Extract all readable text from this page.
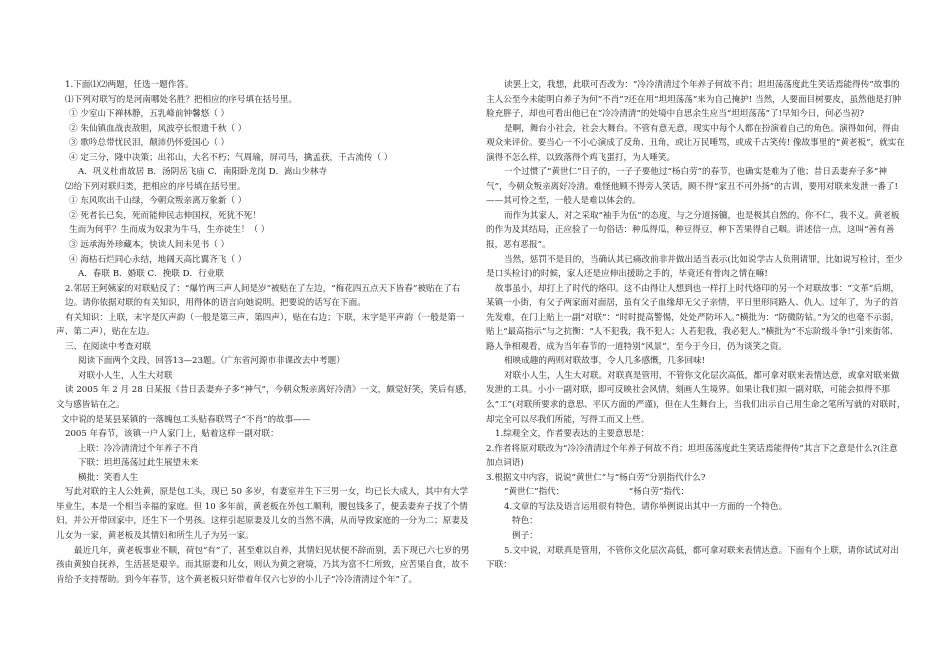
1.下面⑴⑵两题，任选一题作答。
⑴下列对联写的是河南哪处名胜？把相应的序号填在括号里。
① 少室山下禅林静，五乳峰前钟馨悠（ ）
② 朱仙镇血战丧敌胆，风波亭长恨遗千秋（ ）
③ 歌吟总带忧民泪，颠沛仍怀爱国心（ ）
④ 定三分，隆中决策；出祁山，大名不朽；气周瑜，屏司马，擒孟获，千古流传（ ）
A．巩义杜甫故居 B．汤阴岳飞庙 C．南阳卧龙岗 D．嵩山少林寺
⑵给下列对联归类，把相应的序号填在括号里。
① 东风吹出千山绿，今朝众叛亲离万象新（ ）
② 死者长已矣，死而能伸民志伸国权，死犹不死！
生而为何乎？生而成为奴隶为牛马，生亦徒生！（ ）
③ 远承海外珍藏本，快读人间未见书（ ）
④ 海枯石烂同心永结，地阔天高比翼齐飞（ ）
A．春联 B．婚联 C．挽联 D．行业联
2.邻居王阿姨家的对联贴反了：“爆竹两三声人间是岁”被贴在了左边，“梅花四五点天下皆春”被贴在了右边。请你依据对联的有关知识，用得体的语言向她说明。把要说的话写在下面。
有关知识：上联，末字是仄声韵（一般是第三声、第四声），贴在右边；下联，末字是平声韵（一般是第一声、第二声），贴在左边。
三、在阅读中考查对联
阅读下面两个文段，回答13—23题。（广东省河源市非课改去中考题）
对联小人生，人生大对联
读 2005 年 2 月 28 日某报《昔日丢妻弃子多“神气”，今朝众叛亲离好冷清》一文，颇觉好笑，笑后有感，文与感皆钻在之。
文中说的是某县某镇的一落魄包工头贴春联骂子“不肖”的故事——
2005 年春节，该镇一户人家门上，贴着这样一副对联：
上联：冷冷清清过个年养子不肖
下联：坦坦荡荡过此生展望未来
横批：笑看人生
写此对联的主人公姓黄，原是包工头，现已 50 多岁，有妻室并生下三男一女，均已长大成人，其中有大学毕业生，本是一个相当幸福的家庭。但 10 多年前，黄老板在外包工顺利，腰包钱多了，便丢妻弃子找了个情妇，并公开带回家中，还生下一个男孩。这样引起原妻及儿女的当然不满，从而导致家庭的一分为二；原妻及儿女为一家，黄老板及其情妇和所生儿子为另一家。
最近几年，黄老板事业不顺，荷包“有”了，甚至难以自养，其情妇见状便不辞而别，丢下现已六七岁的男孩由黄独自抚养，生活甚是艰辛。而其原妻和儿女，则认为黄之窘境，乃其为富不仁所致，应苦果自食，故不肯给予支持帮助。到今年春节，这个黄老板只好带着年仅六七岁的小儿子“冷冷清清过个年”了。
读罢上文，我想，此联可否改为：“冷冷清清过个年养子何故不肖；坦坦荡荡度此生笑话焉能得传”故事的主人公至今未能明白养子为何“不肖”?还在用“坦坦荡荡”来为自己掩护! 当然，人要面目树要皮，虽然他是打肿脸充胖子，却也可看出他已在“冷冷清清”的处境中自思余生应当“坦坦荡荡”了!早知今日，何必当初?
是啊，舞台小社会，社会大舞台。不管有意无意，现实中每个人都在扮演着自己的角色。演得如何，得由观众来评价。要当心一不小心演成了反角、丑角，或让万民唾骂，或成千古笑传! 像故事里的“黄老板”，就实在演得不怎么样，以致落得个鸡飞蛋打，为人唾笑。
一个过惯了“黄世仁”日子的，一子子要他过“杨白劳”的春节，也确实是难为了他；昔日丢妻弃子多“神气”，今朝众叛亲离好冷清。难怪他顾不得旁人笑话，顾不得“家丑不可外扬”的古训，要用对联来发泄一番了!——其可怜之至，一般人是难以体会的。
而作为其家人，对之采取“袖手为伍”的态度，与之分道扬镳，也是极其自然的。你不仁，我不义。黄老板的作为及其结局，正应验了一句俗话：种瓜得瓜，种豆得豆，种下苦果得自己咽。讲述信一点，这叫“善有善报，恶有恶报”。
当然，惩罚不是目的，当确认其已痛改前非并做出适当表示(比如说学古人负荆请罪，比如说写检讨，至少是口头检讨)的时候，家人还是应伸出援助之手的，毕竟还有骨肉之情在嘛!
故事虽小，却打上了时代的烙印。这不由得让人想到也一样打上时代烙印的另一个对联故事：“文革”后期，某镇一小街，有父子两家面对面居，虽有父子血缘却无父子亲情，平日里形同路人、仇人。过年了，为子的首先发难，在门上贴上一副“对联”：“时时提高警惕，处处严防坏人。”横批为：“防微防钻。”为父的也毫不示弱，贴上“最高指示”与之抗衡：“人不犯我，我不犯人；人若犯我，我必犯人。”横批为“不忘阶级斗争!”引来街邻、路人争相观看，成为当年春节的一道特别“风景”，至今于今日，仍为谈笑之资。
相映成趣的两则对联故事，令人几多感慨，几多回味!
对联小人生，人生大对联。对联真是管用，不管你文化层次高低，都可拿对联来表情达意，或拿对联来做发泄的工具。小小一副对联，即可反映社会风情，刻画人生境界。如果让我们拟一副对联，可能会拟得不那么“工”(对联所要求的意思、平仄方面的严谨)，但在人生舞台上，当我们出示自己用生命之笔所写就的对联时，却完全可以尽我们所能，写得工而又上些。
1.综观全文，作者要表达的主要意思是：
2.作者将原对联改为“冷冷清清过个年养子何故不肖；坦坦荡荡度此生笑话焉能得传”其言下之意是什么?(注意加点词语)
3.根据文中内容，说说“黄世仁”与“杨白劳”分别指代什么?
“黄世仁”指代：　　　　　　　　“杨白劳”指代：
4.文章的写法及语言运用很有特色，请你举例说出其中一方面的一个特色。
特色：
例子：
5.文中说，对联真是管用，不管你文化层次高低，都可拿对联来表情达意。下面有个上联，请你试试对出下联：
